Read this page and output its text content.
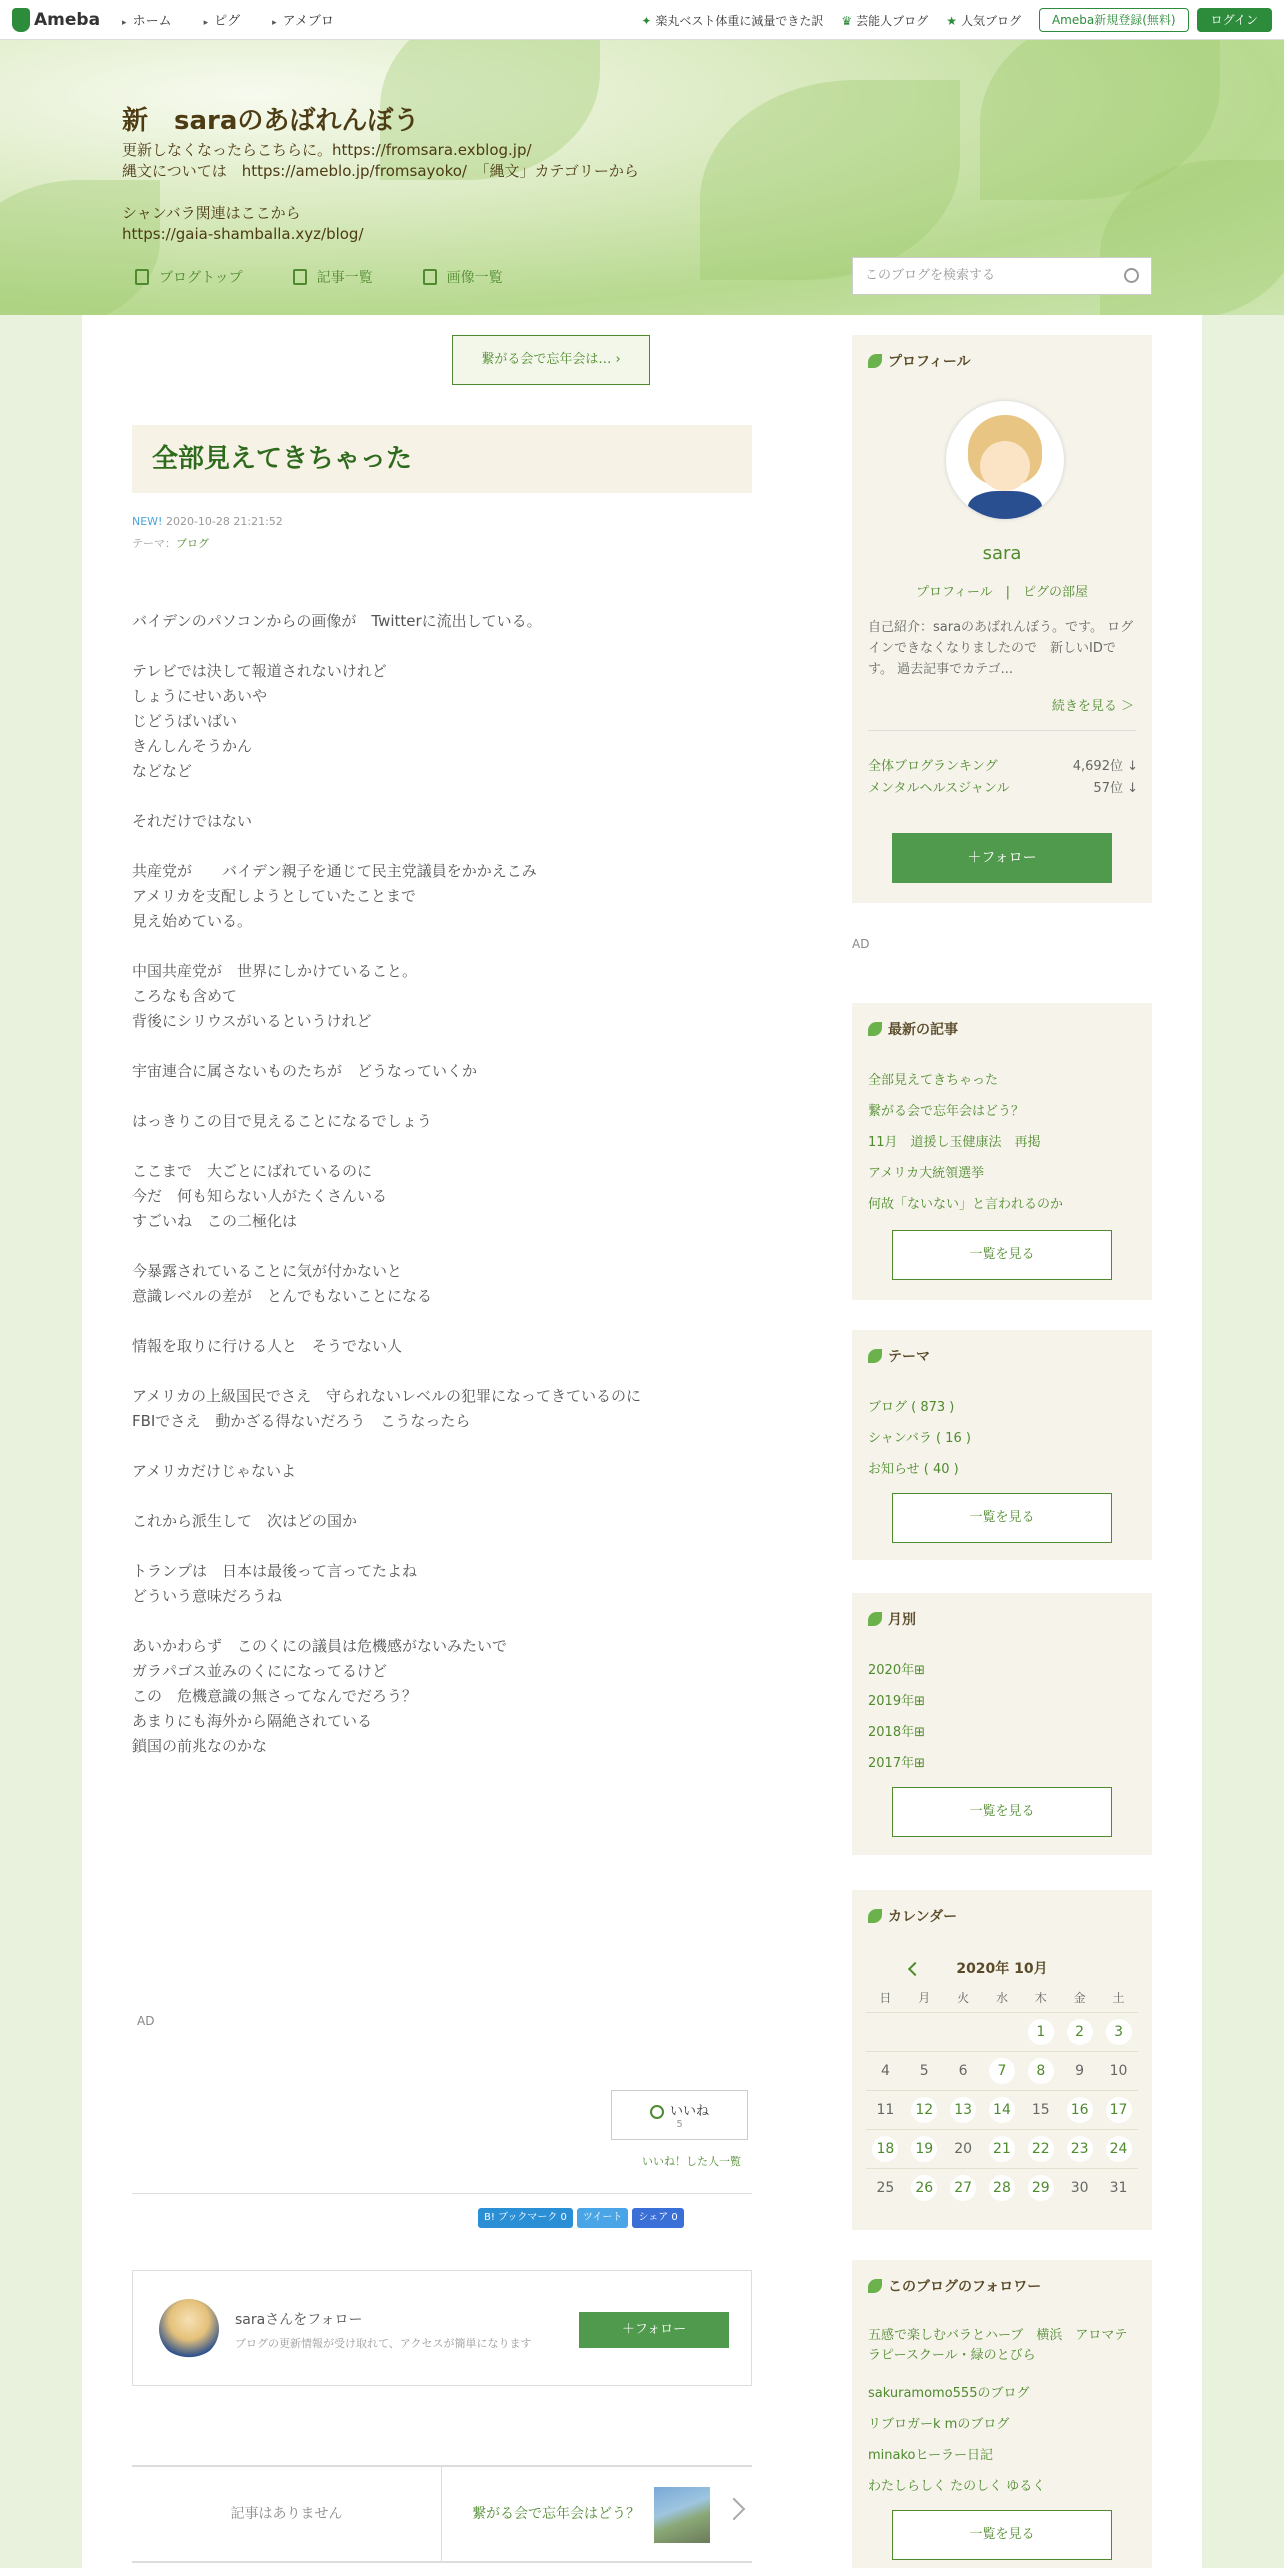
Ameba	▸ ホーム	▸ ピグ	▸ アメブロ	✦ 楽丸ベスト体重に減量できた訳 ♛ 芸能人ブログ ★ 人気ブログ	Ameba新規登録(無料)	ログイン
新　saraのあばれんぼう
更新しなくなったらこちらに。https://fromsara.exblog.jp/
縄文については　https://ameblo.jp/fromsayoko/　「縄文」カテゴリーから

シャンバラ関連はここから
https://gaia-shamballa.xyz/blog/
ブログトップ	記事一覧	画像一覧	このブログを検索する
繋がる会で忘年会は… ›
全部見えてきちゃった
NEW! 2020-10-28 21:21:52
テーマ：ブログ
バイデンのパソコンからの画像が　Twitterに流出している。

テレビでは決して報道されないけれど
しょうにせいあいや
じどうばいばい
きんしんそうかん
などなど

それだけではない

共産党が　　バイデン親子を通じて民主党議員をかかえこみ
アメリカを支配しようとしていたことまで
見え始めている。

中国共産党が　世界にしかけていること。
ころなも含めて
背後にシリウスがいるというけれど

宇宙連合に属さないものたちが　どうなっていくか

はっきりこの目で見えることになるでしょう

ここまで　大ごとにばれているのに
今だ　何も知らない人がたくさんいる
すごいね　この二極化は

今暴露されていることに気が付かないと
意識レベルの差が　とんでもないことになる

情報を取りに行ける人と　そうでない人

アメリカの上級国民でさえ　守られないレベルの犯罪になってきているのに
FBIでさえ　動かざる得ないだろう　こうなったら

アメリカだけじゃないよ

これから派生して　次はどの国か

トランプは　日本は最後って言ってたよね
どういう意味だろうね

あいかわらず　このくにの議員は危機感がないみたいで
ガラパゴス並みのくにになってるけど
この　危機意識の無さってなんでだろう？
あまりにも海外から隔絶されている
鎖国の前兆なのかな
AD
いいね
5
いいね！した人一覧
B! ブックマーク 0	ツイート	シェア 0
saraさんをフォロー
ブログの更新情報が受け取れて、アクセスが簡単になります
＋フォロー
記事はありません	繋がる会で忘年会はどう？
プロフィール
sara
プロフィール　|　ピグの部屋
自己紹介：saraのあばれんぼう。です。 ログインできなくなりましたので　新しいIDです。 過去記事でカテゴ...
続きを見る ＞
全体ブログランキング	4,692位 ↓
メンタルヘルスジャンル	57位 ↓
＋フォロー
最新の記事
全部見えてきちゃった
繋がる会で忘年会はどう？
11月　道援し玉健康法　再掲
アメリカ大統領選挙
何故「ないない」と言われるのか
一覧を見る
テーマ
ブログ ( 873 )
シャンバラ ( 16 )
お知らせ ( 40 )
一覧を見る
月別
2020年⊞
2019年⊞
2018年⊞
2017年⊞
一覧を見る
カレンダー
2020年 10月
日	月	火	水	木	金	土
				1	2	3
4	5	6	7	8	9	10
11	12	13	14	15	16	17
18	19	20	21	22	23	24
25	26	27	28	29	30	31
このブログのフォロワー
五感で楽しむバラとハーブ　横浜　アロマテラピースクール・緑のとびら
sakuramomo555のブログ
リブロガーk mのブログ
minakoヒーラー日記
わたしらしく たのしく ゆるく
一覧を見る
AD
